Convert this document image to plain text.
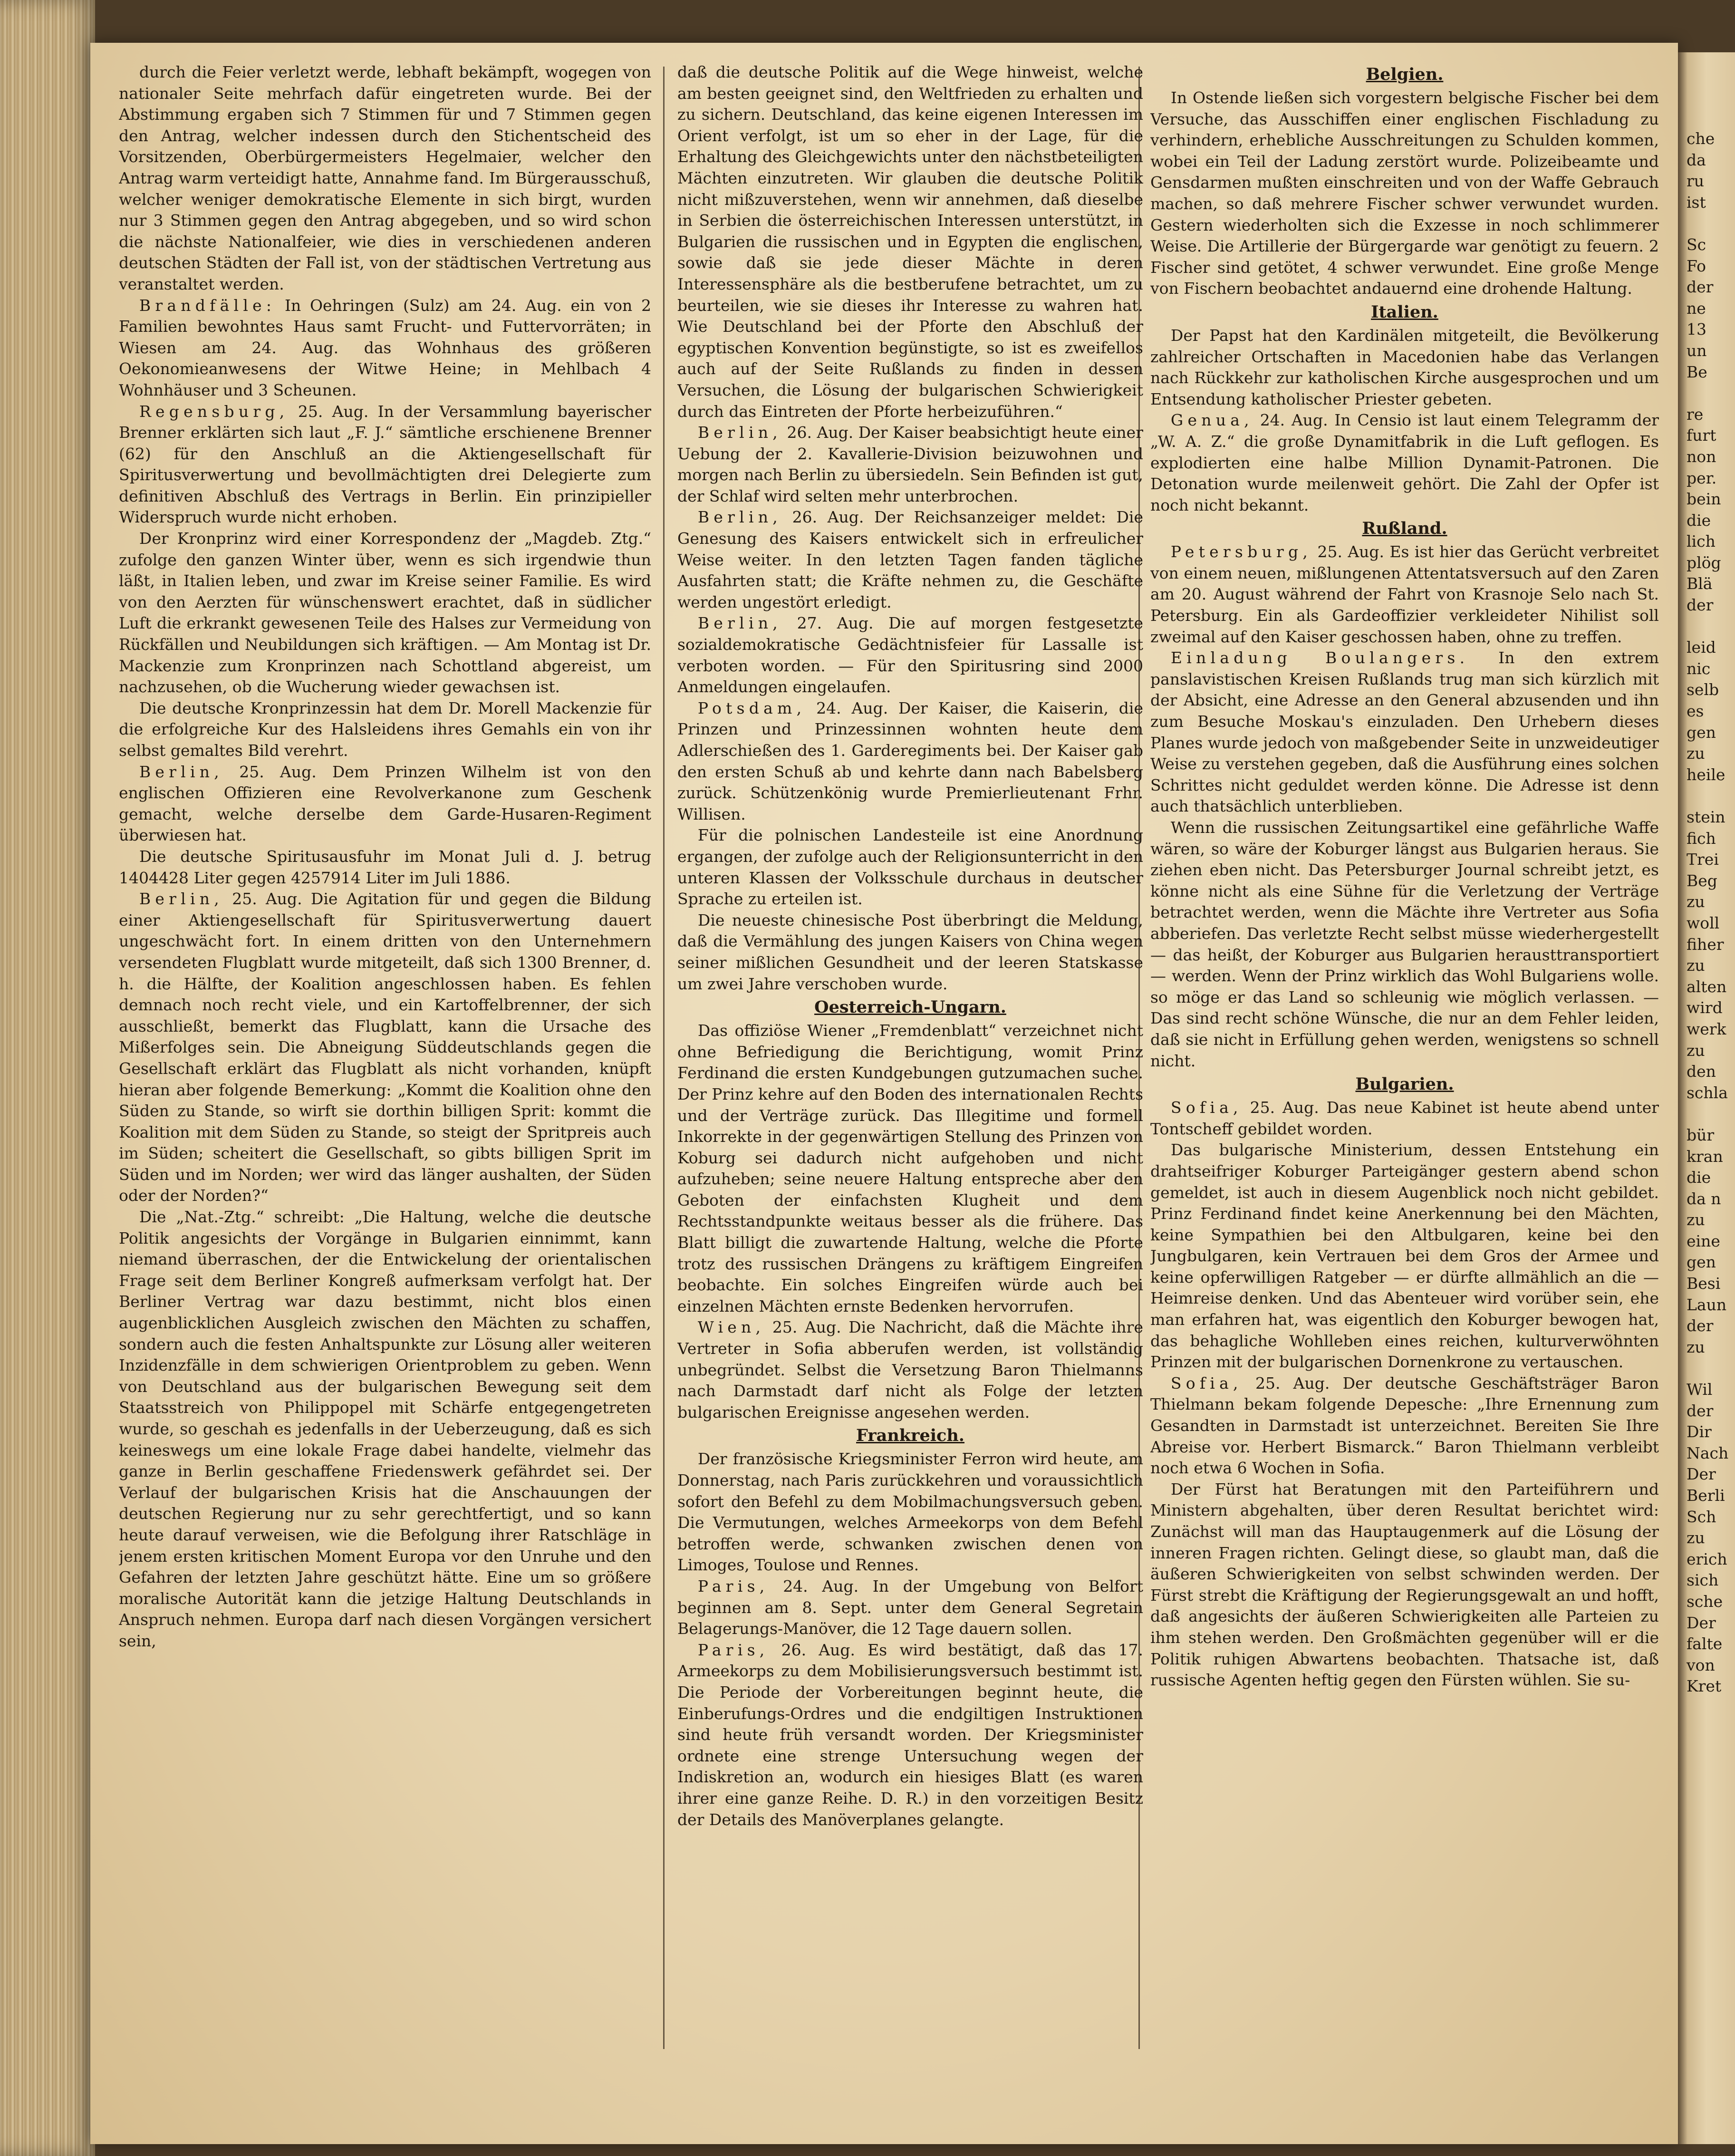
che
da
ru
ist

Sc
Fo
der
ne
13
un
Be

re
furt
non
per.
bein
die
lich
plög
Blä
der

leid
nic
selb
es
gen
zu
heile

stein
fich
Trei
Beg
zu
woll
fiher
zu
alten
wird
werk
zu
den
schla

bür
kran
die
da n
zu
eine
gen
Besi
Laun
der
zu

Wil
der
Dir
Nach
Der
Berli
Sch
zu
erich
sich
sche
Der
falte
von
Kret

durch die Feier verletzt werde, lebhaft bekämpft, wogegen von nationaler Seite mehrfach dafür eingetreten wurde. Bei der Abstimmung ergaben sich 7 Stimmen für und 7 Stimmen gegen den Antrag, welcher indessen durch den Stichentscheid des Vorsitzenden, Oberbürgermeisters Hegelmaier, welcher den Antrag warm verteidigt hatte, Annahme fand. Im Bürgerausschuß, welcher weniger demokratische Elemente in sich birgt, wurden nur 3 Stimmen gegen den Antrag abgegeben, und so wird schon die nächste Nationalfeier, wie dies in verschiedenen anderen deutschen Städten der Fall ist, von der städtischen Vertretung aus veranstaltet werden.

Brandfälle: In Oehringen (Sulz) am 24. Aug. ein von 2 Familien bewohntes Haus samt Frucht- und Futtervorräten; in Wiesen am 24. Aug. das Wohnhaus des größeren Oekonomieanwesens der Witwe Heine; in Mehlbach 4 Wohnhäuser und 3 Scheunen.

Regensburg, 25. Aug. In der Versammlung bayerischer Brenner erklärten sich laut „F. J.“ sämtliche erschienene Brenner (62) für den Anschluß an die Aktiengesellschaft für Spiritusverwertung und bevollmächtigten drei Delegierte zum definitiven Abschluß des Vertrags in Berlin. Ein prinzipieller Widerspruch wurde nicht erhoben.

Der Kronprinz wird einer Korrespondenz der „Magdeb. Ztg.“ zufolge den ganzen Winter über, wenn es sich irgendwie thun läßt, in Italien leben, und zwar im Kreise seiner Familie. Es wird von den Aerzten für wünschenswert erachtet, daß in südlicher Luft die erkrankt gewesenen Teile des Halses zur Vermeidung von Rückfällen und Neubildungen sich kräftigen. — Am Montag ist Dr. Mackenzie zum Kronprinzen nach Schottland abgereist, um nachzusehen, ob die Wucherung wieder gewachsen ist.

Die deutsche Kronprinzessin hat dem Dr. Morell Mackenzie für die erfolgreiche Kur des Halsleidens ihres Gemahls ein von ihr selbst gemaltes Bild verehrt.

Berlin, 25. Aug. Dem Prinzen Wilhelm ist von den englischen Offizieren eine Revolverkanone zum Geschenk gemacht, welche derselbe dem Garde-Husaren-Regiment überwiesen hat.

Die deutsche Spiritusausfuhr im Monat Juli d. J. betrug 1404428 Liter gegen 4257914 Liter im Juli 1886.

Berlin, 25. Aug. Die Agitation für und gegen die Bildung einer Aktiengesellschaft für Spiritusverwertung dauert ungeschwächt fort. In einem dritten von den Unternehmern versendeten Flugblatt wurde mitgeteilt, daß sich 1300 Brenner, d. h. die Hälfte, der Koalition angeschlossen haben. Es fehlen demnach noch recht viele, und ein Kartoffelbrenner, der sich ausschließt, bemerkt das Flugblatt, kann die Ursache des Mißerfolges sein. Die Abneigung Süddeutschlands gegen die Gesellschaft erklärt das Flugblatt als nicht vorhanden, knüpft hieran aber folgende Bemerkung: „Kommt die Koalition ohne den Süden zu Stande, so wirft sie dorthin billigen Sprit: kommt die Koalition mit dem Süden zu Stande, so steigt der Spritpreis auch im Süden; scheitert die Gesellschaft, so gibts billigen Sprit im Süden und im Norden; wer wird das länger aushalten, der Süden oder der Norden?“

Die „Nat.-Ztg.“ schreibt: „Die Haltung, welche die deutsche Politik angesichts der Vorgänge in Bulgarien einnimmt, kann niemand überraschen, der die Entwickelung der orientalischen Frage seit dem Berliner Kongreß aufmerksam verfolgt hat. Der Berliner Vertrag war dazu bestimmt, nicht blos einen augenblicklichen Ausgleich zwischen den Mächten zu schaffen, sondern auch die festen Anhaltspunkte zur Lösung aller weiteren Inzidenzfälle in dem schwierigen Orientproblem zu geben. Wenn von Deutschland aus der bulgarischen Bewegung seit dem Staatsstreich von Philippopel mit Schärfe entgegengetreten wurde, so geschah es jedenfalls in der Ueberzeugung, daß es sich keineswegs um eine lokale Frage dabei handelte, vielmehr das ganze in Berlin geschaffene Friedenswerk gefährdet sei. Der Verlauf der bulgarischen Krisis hat die Anschauungen der deutschen Regierung nur zu sehr gerechtfertigt, und so kann heute darauf verweisen, wie die Befolgung ihrer Ratschläge in jenem ersten kritischen Moment Europa vor den Unruhe und den Gefahren der letzten Jahre geschützt hätte. Eine um so größere moralische Autorität kann die jetzige Haltung Deutschlands in Anspruch nehmen. Europa darf nach diesen Vorgängen versichert sein,

daß die deutsche Politik auf die Wege hinweist, welche am besten geeignet sind, den Weltfrieden zu erhalten und zu sichern. Deutschland, das keine eigenen Interessen im Orient verfolgt, ist um so eher in der Lage, für die Erhaltung des Gleichgewichts unter den nächstbeteiligten Mächten einzutreten. Wir glauben die deutsche Politik nicht mißzuverstehen, wenn wir annehmen, daß dieselbe in Serbien die österreichischen Interessen unterstützt, in Bulgarien die russischen und in Egypten die englischen, sowie daß sie jede dieser Mächte in deren Interessensphäre als die bestberufene betrachtet, um zu beurteilen, wie sie dieses ihr Interesse zu wahren hat. Wie Deutschland bei der Pforte den Abschluß der egyptischen Konvention begünstigte, so ist es zweifellos auch auf der Seite Rußlands zu finden in dessen Versuchen, die Lösung der bulgarischen Schwierigkeit durch das Eintreten der Pforte herbeizuführen.“

Berlin, 26. Aug. Der Kaiser beabsichtigt heute einer Uebung der 2. Kavallerie-Division beizuwohnen und morgen nach Berlin zu übersiedeln. Sein Befinden ist gut, der Schlaf wird selten mehr unterbrochen.

Berlin, 26. Aug. Der Reichsanzeiger meldet: Die Genesung des Kaisers entwickelt sich in erfreulicher Weise weiter. In den letzten Tagen fanden tägliche Ausfahrten statt; die Kräfte nehmen zu, die Geschäfte werden ungestört erledigt.

Berlin, 27. Aug. Die auf morgen festgesetzte sozialdemokratische Gedächtnisfeier für Lassalle ist verboten worden. — Für den Spiritusring sind 2000 Anmeldungen eingelaufen.

Potsdam, 24. Aug. Der Kaiser, die Kaiserin, die Prinzen und Prinzessinnen wohnten heute dem Adlerschießen des 1. Garderegiments bei. Der Kaiser gab den ersten Schuß ab und kehrte dann nach Babelsberg zurück. Schützenkönig wurde Premierlieutenant Frhr. Willisen.

Für die polnischen Landesteile ist eine Anordnung ergangen, der zufolge auch der Religionsunterricht in den unteren Klassen der Volksschule durchaus in deutscher Sprache zu erteilen ist.

Die neueste chinesische Post überbringt die Meldung, daß die Vermählung des jungen Kaisers von China wegen seiner mißlichen Gesundheit und der leeren Statskasse um zwei Jahre verschoben wurde.

Oesterreich-Ungarn.

Das offiziöse Wiener „Fremdenblatt“ verzeichnet nicht ohne Befriedigung die Berichtigung, womit Prinz Ferdinand die ersten Kundgebungen gutzumachen suche. Der Prinz kehre auf den Boden des internationalen Rechts und der Verträge zurück. Das Illegitime und formell Inkorrekte in der gegenwärtigen Stellung des Prinzen von Koburg sei dadurch nicht aufgehoben und nicht aufzuheben; seine neuere Haltung entspreche aber den Geboten der einfachsten Klugheit und dem Rechtsstandpunkte weitaus besser als die frühere. Das Blatt billigt die zuwartende Haltung, welche die Pforte trotz des russischen Drängens zu kräftigem Eingreifen beobachte. Ein solches Eingreifen würde auch bei einzelnen Mächten ernste Bedenken hervorrufen.

Wien, 25. Aug. Die Nachricht, daß die Mächte ihre Vertreter in Sofia abberufen werden, ist vollständig unbegründet. Selbst die Versetzung Baron Thielmanns nach Darmstadt darf nicht als Folge der letzten bulgarischen Ereignisse angesehen werden.

Frankreich.

Der französische Kriegsminister Ferron wird heute, am Donnerstag, nach Paris zurückkehren und voraussichtlich sofort den Befehl zu dem Mobilmachungsversuch geben. Die Vermutungen, welches Armeekorps von dem Befehl betroffen werde, schwanken zwischen denen von Limoges, Toulose und Rennes.

Paris, 24. Aug. In der Umgebung von Belfort beginnen am 8. Sept. unter dem General Segretain Belagerungs-Manöver, die 12 Tage dauern sollen.

Paris, 26. Aug. Es wird bestätigt, daß das 17. Armeekorps zu dem Mobilisierungsversuch bestimmt ist. Die Periode der Vorbereitungen beginnt heute, die Einberufungs-Ordres und die endgiltigen Instruktionen sind heute früh versandt worden. Der Kriegsminister ordnete eine strenge Untersuchung wegen der Indiskretion an, wodurch ein hiesiges Blatt (es waren ihrer eine ganze Reihe. D. R.) in den vorzeitigen Besitz der Details des Manöverplanes gelangte.

Belgien.

In Ostende ließen sich vorgestern belgische Fischer bei dem Versuche, das Ausschiffen einer englischen Fischladung zu verhindern, erhebliche Ausschreitungen zu Schulden kommen, wobei ein Teil der Ladung zerstört wurde. Polizeibeamte und Gensdarmen mußten einschreiten und von der Waffe Gebrauch machen, so daß mehrere Fischer schwer verwundet wurden. Gestern wiederholten sich die Exzesse in noch schlimmerer Weise. Die Artillerie der Bürgergarde war genötigt zu feuern. 2 Fischer sind getötet, 4 schwer verwundet. Eine große Menge von Fischern beobachtet andauernd eine drohende Haltung.

Italien.

Der Papst hat den Kardinälen mitgeteilt, die Bevölkerung zahlreicher Ortschaften in Macedonien habe das Verlangen nach Rückkehr zur katholischen Kirche ausgesprochen und um Entsendung katholischer Priester gebeten.

Genua, 24. Aug. In Censio ist laut einem Telegramm der „W. A. Z.“ die große Dynamitfabrik in die Luft geflogen. Es explodierten eine halbe Million Dynamit-Patronen. Die Detonation wurde meilenweit gehört. Die Zahl der Opfer ist noch nicht bekannt.

Rußland.

Petersburg, 25. Aug. Es ist hier das Gerücht verbreitet von einem neuen, mißlungenen Attentatsversuch auf den Zaren am 20. August während der Fahrt von Krasnoje Selo nach St. Petersburg. Ein als Gardeoffizier verkleideter Nihilist soll zweimal auf den Kaiser geschossen haben, ohne zu treffen.

Einladung Boulangers. In den extrem panslavistischen Kreisen Rußlands trug man sich kürzlich mit der Absicht, eine Adresse an den General abzusenden und ihn zum Besuche Moskau's einzuladen. Den Urhebern dieses Planes wurde jedoch von maßgebender Seite in unzweideutiger Weise zu verstehen gegeben, daß die Ausführung eines solchen Schrittes nicht geduldet werden könne. Die Adresse ist denn auch thatsächlich unterblieben.

Wenn die russischen Zeitungsartikel eine gefährliche Waffe wären, so wäre der Koburger längst aus Bulgarien heraus. Sie ziehen eben nicht. Das Petersburger Journal schreibt jetzt, es könne nicht als eine Sühne für die Verletzung der Verträge betrachtet werden, wenn die Mächte ihre Vertreter aus Sofia abberiefen. Das verletzte Recht selbst müsse wiederhergestellt — das heißt, der Koburger aus Bulgarien herausttransportiert — werden. Wenn der Prinz wirklich das Wohl Bulgariens wolle. so möge er das Land so schleunig wie möglich verlassen. — Das sind recht schöne Wünsche, die nur an dem Fehler leiden, daß sie nicht in Erfüllung gehen werden, wenigstens so schnell nicht.

Bulgarien.

Sofia, 25. Aug. Das neue Kabinet ist heute abend unter Tontscheff gebildet worden.

Das bulgarische Ministerium, dessen Entstehung ein drahtseifriger Koburger Parteigänger gestern abend schon gemeldet, ist auch in diesem Augenblick noch nicht gebildet. Prinz Ferdinand findet keine Anerkennung bei den Mächten, keine Sympathien bei den Altbulgaren, keine bei den Jungbulgaren, kein Vertrauen bei dem Gros der Armee und keine opferwilligen Ratgeber — er dürfte allmählich an die — Heimreise denken. Und das Abenteuer wird vorüber sein, ehe man erfahren hat, was eigentlich den Koburger bewogen hat, das behagliche Wohlleben eines reichen, kulturverwöhnten Prinzen mit der bulgarischen Dornenkrone zu vertauschen.

Sofia, 25. Aug. Der deutsche Geschäftsträger Baron Thielmann bekam folgende Depesche: „Ihre Ernennung zum Gesandten in Darmstadt ist unterzeichnet. Bereiten Sie Ihre Abreise vor. Herbert Bismarck.“ Baron Thielmann verbleibt noch etwa 6 Wochen in Sofia.

Der Fürst hat Beratungen mit den Parteiführern und Ministern abgehalten, über deren Resultat berichtet wird: Zunächst will man das Hauptaugenmerk auf die Lösung der inneren Fragen richten. Gelingt diese, so glaubt man, daß die äußeren Schwierigkeiten von selbst schwinden werden. Der Fürst strebt die Kräftigung der Regierungsgewalt an und hofft, daß angesichts der äußeren Schwierigkeiten alle Parteien zu ihm stehen werden. Den Großmächten gegenüber will er die Politik ruhigen Abwartens beobachten. Thatsache ist, daß russische Agenten heftig gegen den Fürsten wühlen. Sie su-
